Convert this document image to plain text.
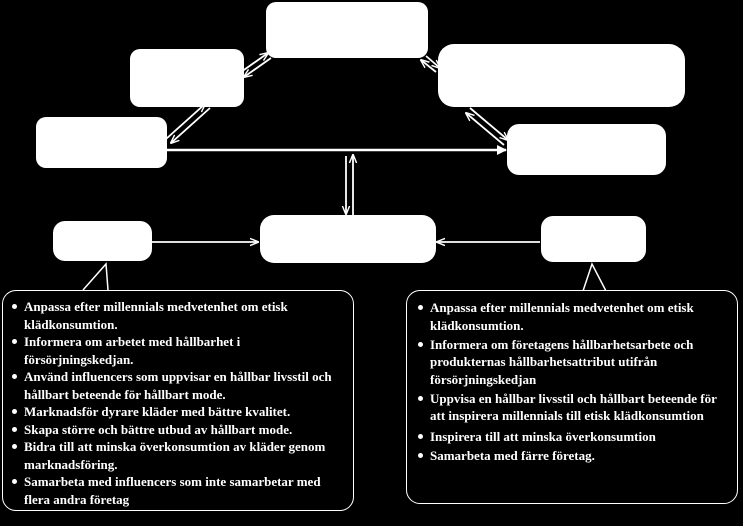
Anpassa efter millennials medvetenhet om etisk klädkonsumtion.
Informera om arbetet med hållbarhet i försörjningskedjan.
Använd influencers som uppvisar en hållbar livsstil och hållbart beteende för hållbart mode.
Marknadsför dyrare kläder med bättre kvalitet.
Skapa större och bättre utbud av hållbart mode.
Bidra till att minska överkonsumtion av kläder genom marknadsföring.
Samarbeta med influencers som inte samarbetar med flera andra företag
Anpassa efter millennials medvetenhet om etisk klädkonsumtion.
Informera om företagens hållbarhetsarbete och produkternas hållbarhetsattribut utifrån försörjningskedjan
Uppvisa en hållbar livsstil och hållbart beteende för att inspirera millennials till etisk klädkonsumtion
Inspirera till att minska överkonsumtion
Samarbeta med färre företag.
